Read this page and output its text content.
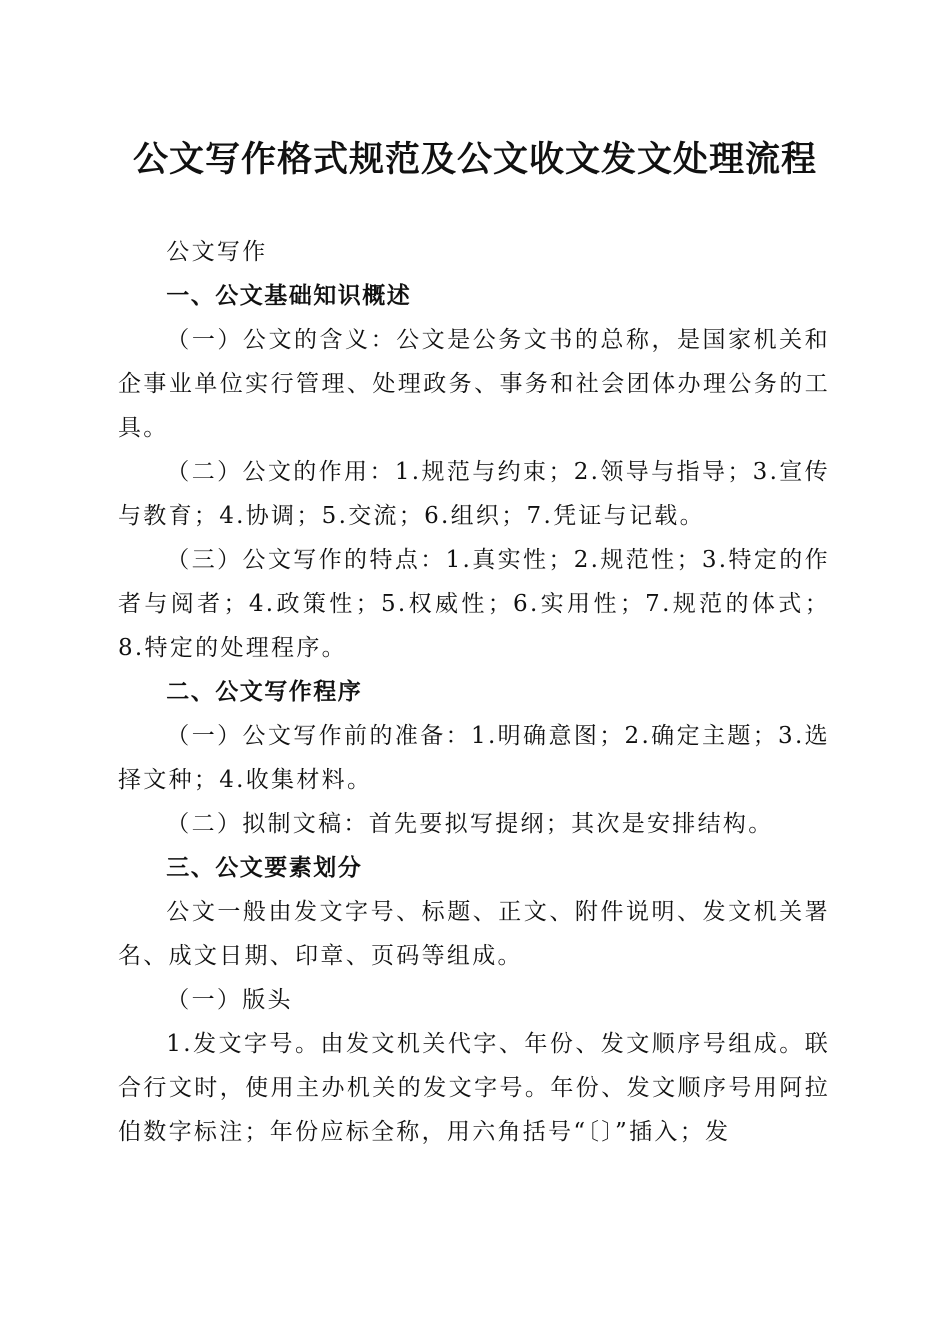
公文写作格式规范及公文收文发文处理流程

公文写作

一、公文基础知识概述

（一）公文的含义：公文是公务文书的总称，是国家机关和企事业单位实行管理、处理政务、事务和社会团体办理公务的工具。

（二）公文的作用：1.规范与约束；2.领导与指导；3.宣传与教育；4.协调；5.交流；6.组织；7.凭证与记载。

（三）公文写作的特点：1.真实性；2.规范性；3.特定的作者与阅者；4.政策性；5.权威性；6.实用性；7.规范的体式；8.特定的处理程序。

二、公文写作程序

（一）公文写作前的准备：1.明确意图；2.确定主题；3.选择文种；4.收集材料。

（二）拟制文稿：首先要拟写提纲；其次是安排结构。

三、公文要素划分

公文一般由发文字号、标题、正文、附件说明、发文机关署名、成文日期、印章、页码等组成。

（一）版头

1.发文字号。由发文机关代字、年份、发文顺序号组成。联合行文时，使用主办机关的发文字号。年份、发文顺序号用阿拉伯数字标注；年份应标全称，用六角括号“〔〕”插入；发
